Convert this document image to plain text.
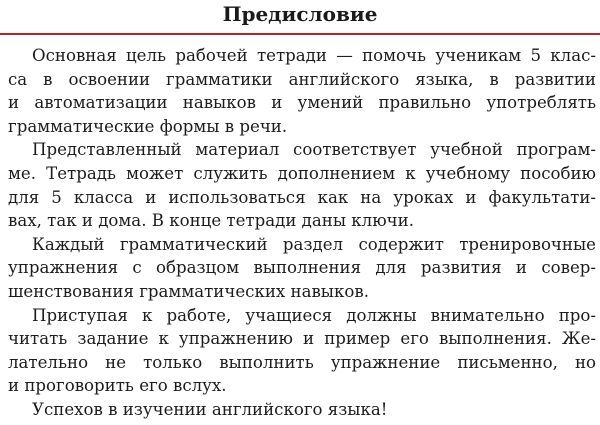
Предисловие

Основная цель рабочей тетради — помочь ученикам 5 клас-
са в освоении грамматики английского языка, в развитии
и автоматизации навыков и умений правильно употреблять
грамматические формы в речи.

Представленный материал соответствует учебной програм-
ме. Тетрадь может служить дополнением к учебному пособию
для 5 класса и использоваться как на уроках и факультати-
вах, так и дома. В конце тетради даны ключи.

Каждый грамматический раздел содержит тренировочные
упражнения с образцом выполнения для развития и совер-
шенствования грамматических навыков.

Приступая к работе, учащиеся должны внимательно про-
читать задание к упражнению и пример его выполнения. Же-
лательно не только выполнить упражнение письменно, но
и проговорить его вслух.

Успехов в изучении английского языка!
